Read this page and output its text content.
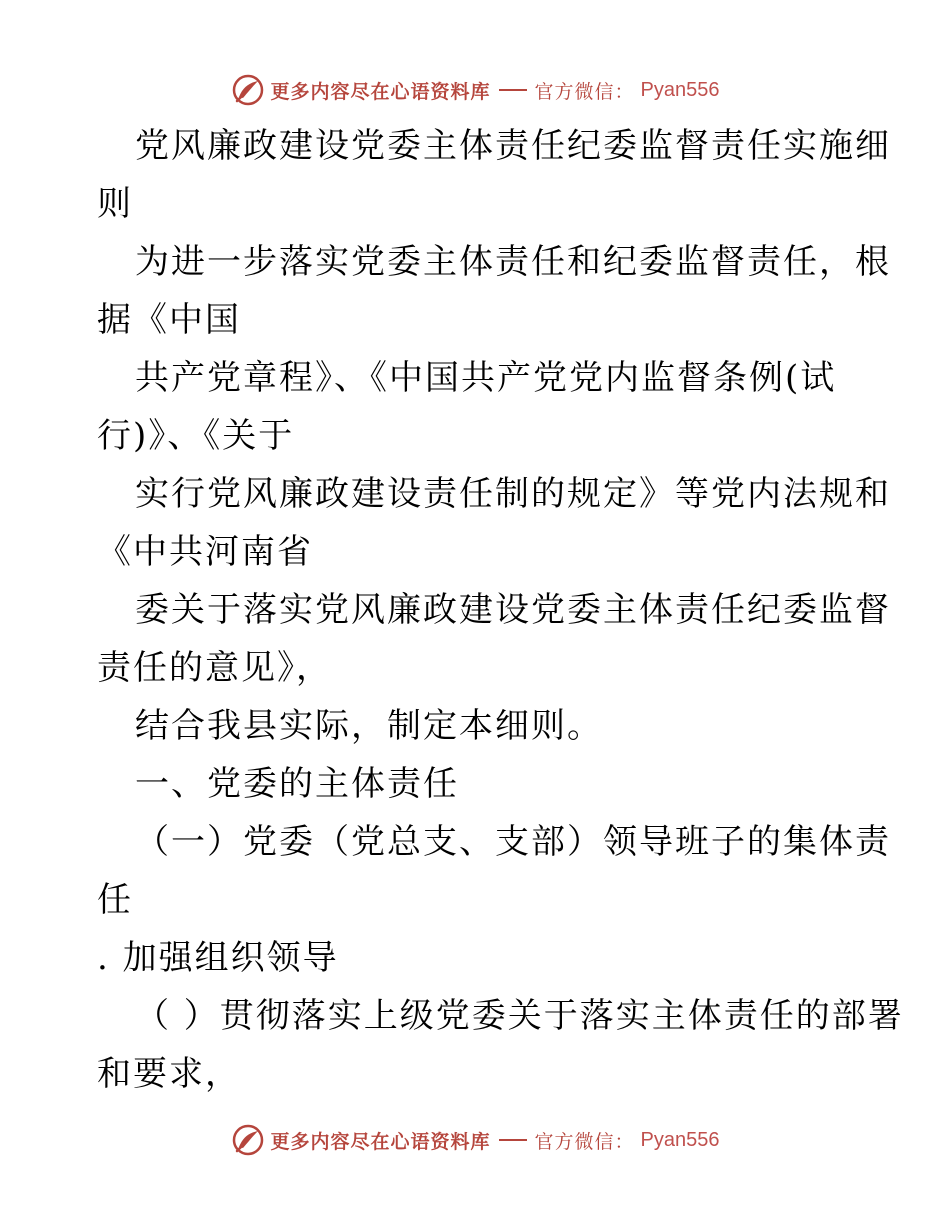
更多内容尽在心语资料库 官方微信： Pyan556

党风廉政建设党委主体责任纪委监督责任实施细
则

为进一步落实党委主体责任和纪委监督责任，根
据《中国

共产党章程》、《中国共产党党内监督条例(试
行)》、《关于

实行党风廉政建设责任制的规定》等党内法规和
《中共河南省

委关于落实党风廉政建设党委主体责任纪委监督
责任的意见》，

结合我县实际，制定本细则。

一、党委的主体责任

（一）党委（党总支、支部）领导班子的集体责
任

. 加强组织领导

（ ）贯彻落实上级党委关于落实主体责任的部署
和要求，

更多内容尽在心语资料库 官方微信： Pyan556
